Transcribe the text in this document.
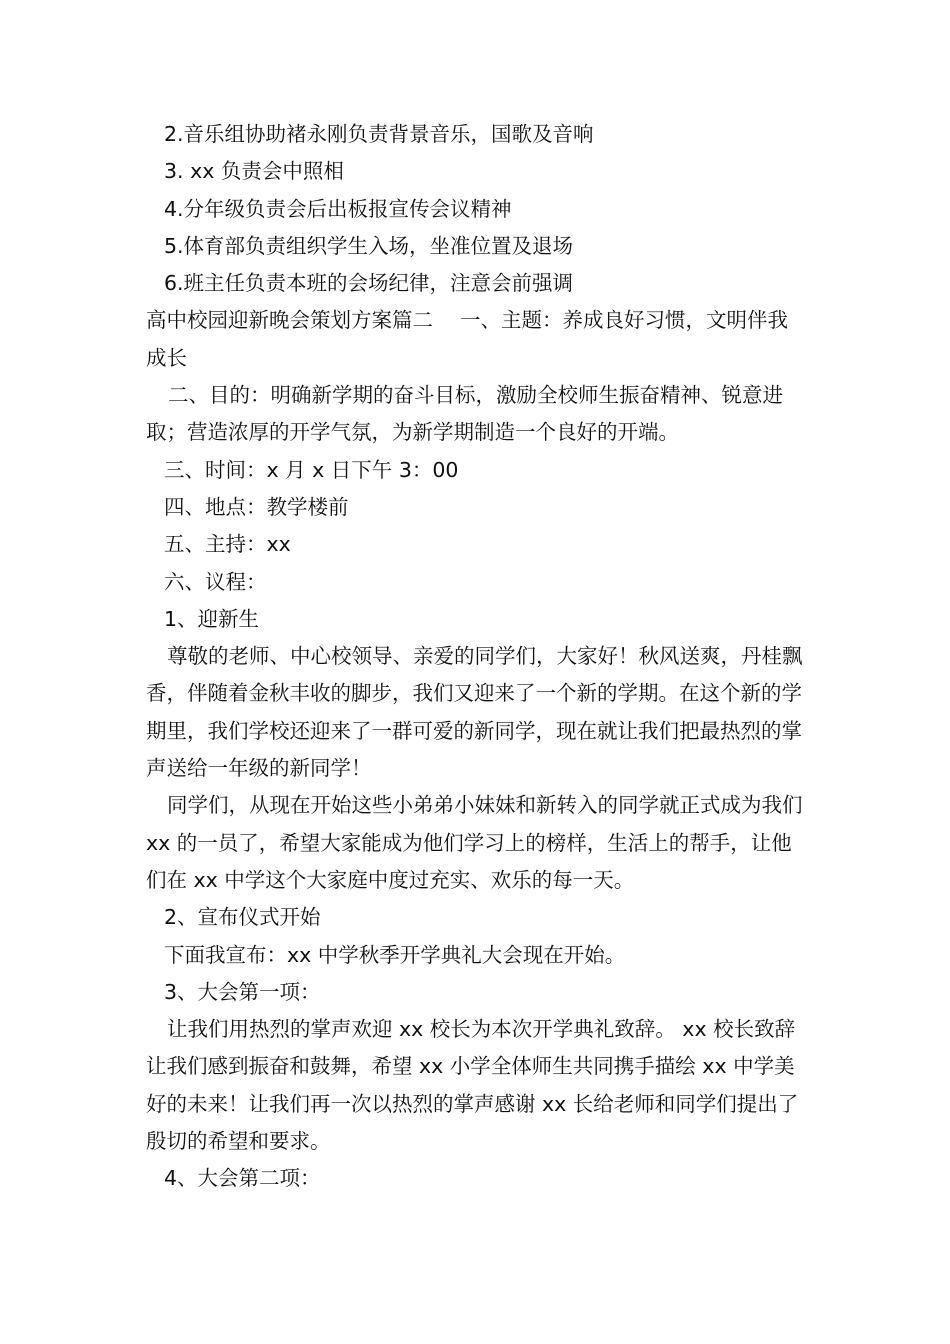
2.音乐组协助褚永刚负责背景音乐，国歌及音响

3. xx 负责会中照相

4.分年级负责会后出板报宣传会议精神

5.体育部负责组织学生入场，坐准位置及退场

6.班主任负责本班的会场纪律，注意会前强调

高中校园迎新晚会策划方案篇二　 一、主题：养成良好习惯，文明伴我成长

二、目的：明确新学期的奋斗目标，激励全校师生振奋精神、锐意进取；营造浓厚的开学气氛，为新学期制造一个良好的开端。

三、时间：x 月 x 日下午 3：00

四、地点：教学楼前

五、主持：xx

六、议程：

1、迎新生

尊敬的老师、中心校领导、亲爱的同学们，大家好！秋风送爽，丹桂飘香，伴随着金秋丰收的脚步，我们又迎来了一个新的学期。在这个新的学期里，我们学校还迎来了一群可爱的新同学，现在就让我们把最热烈的掌声送给一年级的新同学！

同学们，从现在开始这些小弟弟小妹妹和新转入的同学就正式成为我们 xx 的一员了，希望大家能成为他们学习上的榜样，生活上的帮手，让他们在 xx 中学这个大家庭中度过充实、欢乐的每一天。

2、宣布仪式开始

下面我宣布：xx 中学秋季开学典礼大会现在开始。

3、大会第一项：

让我们用热烈的掌声欢迎 xx 校长为本次开学典礼致辞。 xx 校长致辞让我们感到振奋和鼓舞，希望 xx 小学全体师生共同携手描绘 xx 中学美好的未来！让我们再一次以热烈的掌声感谢 xx 长给老师和同学们提出了殷切的希望和要求。

4、大会第二项：
